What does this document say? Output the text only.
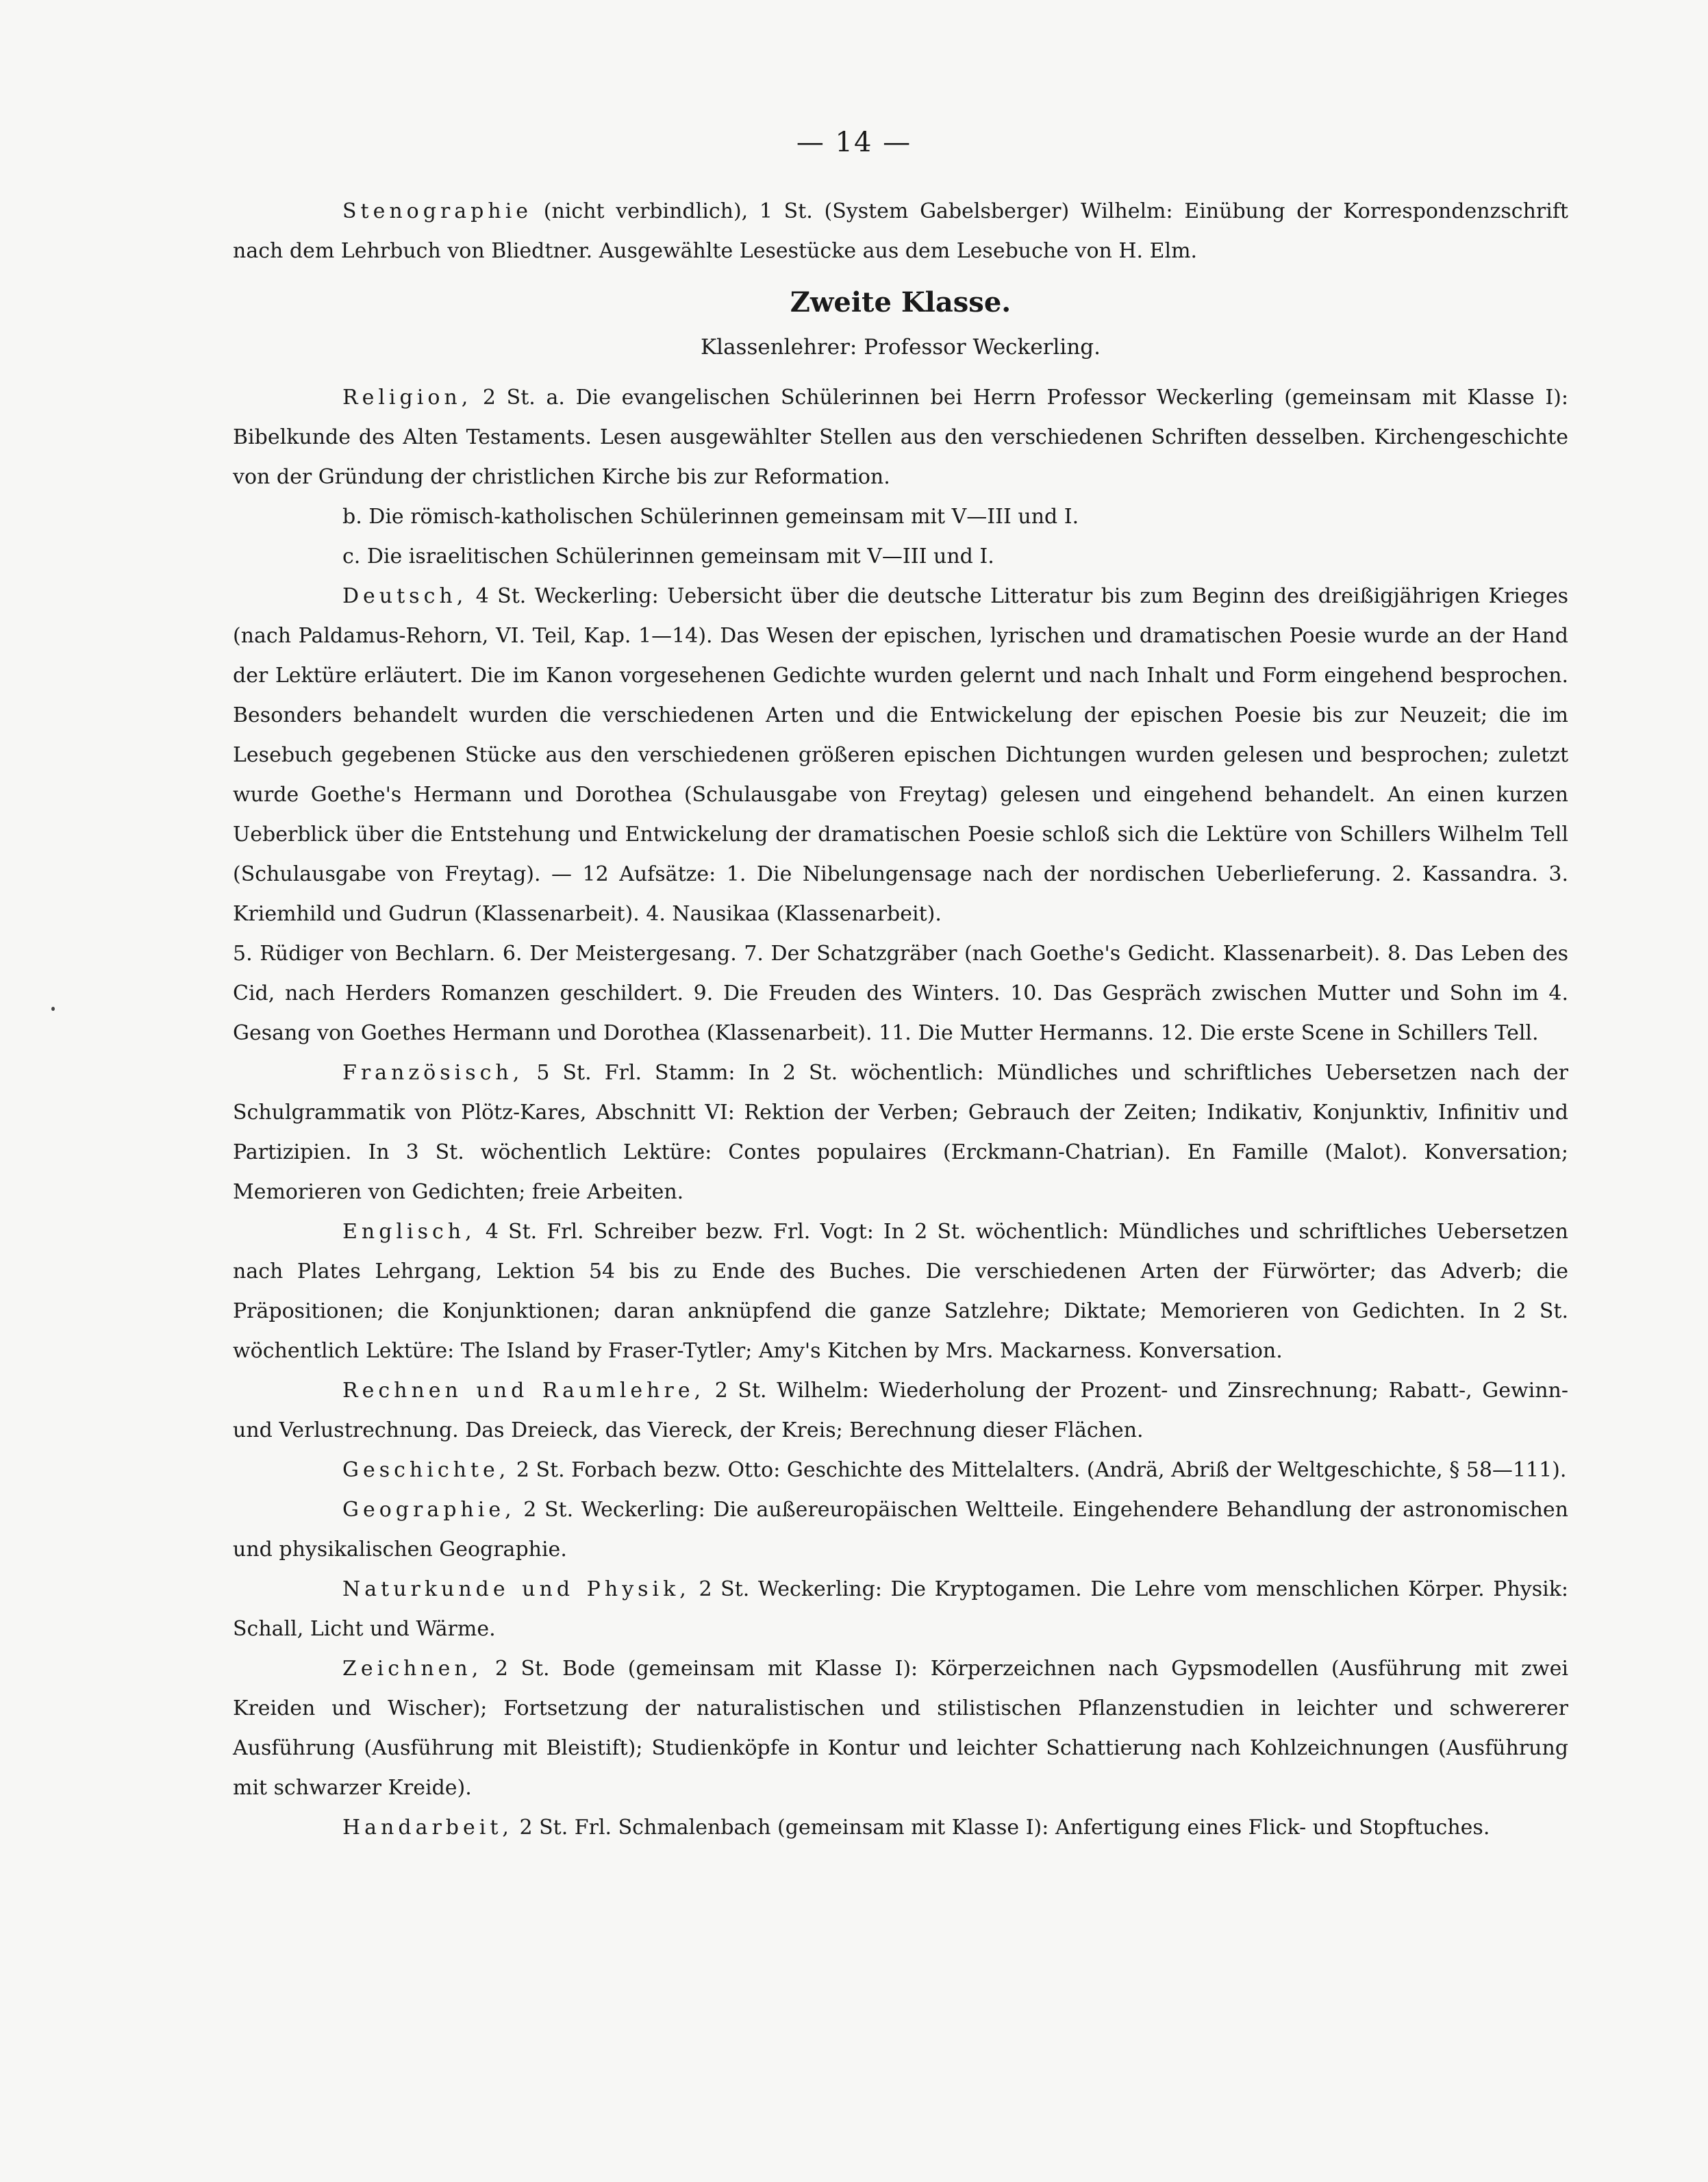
— 14 —

Stenographie (nicht verbindlich), 1 St. (System Gabelsberger) Wilhelm: Einübung der Korrespondenzschrift nach dem Lehrbuch von Bliedtner. Ausgewählte Lesestücke aus dem Lesebuche von H. Elm.

Zweite Klasse.
Klassenlehrer: Professor Weckerling.

Religion, 2 St. a. Die evangelischen Schülerinnen bei Herrn Professor Weckerling (gemeinsam mit Klasse I): Bibelkunde des Alten Testaments. Lesen ausgewählter Stellen aus den verschiedenen Schriften desselben. Kirchengeschichte von der Gründung der christlichen Kirche bis zur Reformation.

b. Die römisch-katholischen Schülerinnen gemeinsam mit V—III und I.

c. Die israelitischen Schülerinnen gemeinsam mit V—III und I.

Deutsch, 4 St. Weckerling: Uebersicht über die deutsche Litteratur bis zum Beginn des dreißigjährigen Krieges (nach Paldamus-Rehorn, VI. Teil, Kap. 1—14). Das Wesen der epischen, lyrischen und dramatischen Poesie wurde an der Hand der Lektüre erläutert. Die im Kanon vorgesehenen Gedichte wurden gelernt und nach Inhalt und Form eingehend besprochen. Besonders behandelt wurden die verschiedenen Arten und die Entwickelung der epischen Poesie bis zur Neuzeit; die im Lesebuch gegebenen Stücke aus den verschiedenen größeren epischen Dichtungen wurden gelesen und besprochen; zuletzt wurde Goethe's Hermann und Dorothea (Schulausgabe von Freytag) gelesen und eingehend behandelt. An einen kurzen Ueberblick über die Entstehung und Entwickelung der dramatischen Poesie schloß sich die Lektüre von Schillers Wilhelm Tell (Schulausgabe von Freytag). — 12 Aufsätze: 1. Die Nibelungensage nach der nordischen Ueberlieferung. 2. Kassandra. 3. Kriemhild und Gudrun (Klassenarbeit). 4. Nausikaa (Klassenarbeit).

5. Rüdiger von Bechlarn. 6. Der Meistergesang. 7. Der Schatzgräber (nach Goethe's Gedicht. Klassenarbeit). 8. Das Leben des Cid, nach Herders Romanzen geschildert. 9. Die Freuden des Winters. 10. Das Gespräch zwischen Mutter und Sohn im 4. Gesang von Goethes Hermann und Dorothea (Klassenarbeit). 11. Die Mutter Hermanns. 12. Die erste Scene in Schillers Tell.

Französisch, 5 St. Frl. Stamm: In 2 St. wöchentlich: Mündliches und schriftliches Uebersetzen nach der Schulgrammatik von Plötz-Kares, Abschnitt VI: Rektion der Verben; Gebrauch der Zeiten; Indikativ, Konjunktiv, Infinitiv und Partizipien. In 3 St. wöchentlich Lektüre: Contes populaires (Erckmann-Chatrian). En Famille (Malot). Konversation; Memorieren von Gedichten; freie Arbeiten.

Englisch, 4 St. Frl. Schreiber bezw. Frl. Vogt: In 2 St. wöchentlich: Mündliches und schriftliches Uebersetzen nach Plates Lehrgang, Lektion 54 bis zu Ende des Buches. Die verschiedenen Arten der Fürwörter; das Adverb; die Präpositionen; die Konjunktionen; daran anknüpfend die ganze Satzlehre; Diktate; Memorieren von Gedichten. In 2 St. wöchentlich Lektüre: The Island by Fraser-Tytler; Amy's Kitchen by Mrs. Mackarness. Konversation.

Rechnen und Raumlehre, 2 St. Wilhelm: Wiederholung der Prozent- und Zinsrechnung; Rabatt-, Gewinn- und Verlustrechnung. Das Dreieck, das Viereck, der Kreis; Berechnung dieser Flächen.

Geschichte, 2 St. Forbach bezw. Otto: Geschichte des Mittelalters. (Andrä, Abriß der Weltgeschichte, § 58—111).

Geographie, 2 St. Weckerling: Die außereuropäischen Weltteile. Eingehendere Behandlung der astronomischen und physikalischen Geographie.

Naturkunde und Physik, 2 St. Weckerling: Die Kryptogamen. Die Lehre vom menschlichen Körper. Physik: Schall, Licht und Wärme.

Zeichnen, 2 St. Bode (gemeinsam mit Klasse I): Körperzeichnen nach Gypsmodellen (Ausführung mit zwei Kreiden und Wischer); Fortsetzung der naturalistischen und stilistischen Pflanzenstudien in leichter und schwererer Ausführung (Ausführung mit Bleistift); Studienköpfe in Kontur und leichter Schattierung nach Kohlzeichnungen (Ausführung mit schwarzer Kreide).

Handarbeit, 2 St. Frl. Schmalenbach (gemeinsam mit Klasse I): Anfertigung eines Flick- und Stopftuches.
